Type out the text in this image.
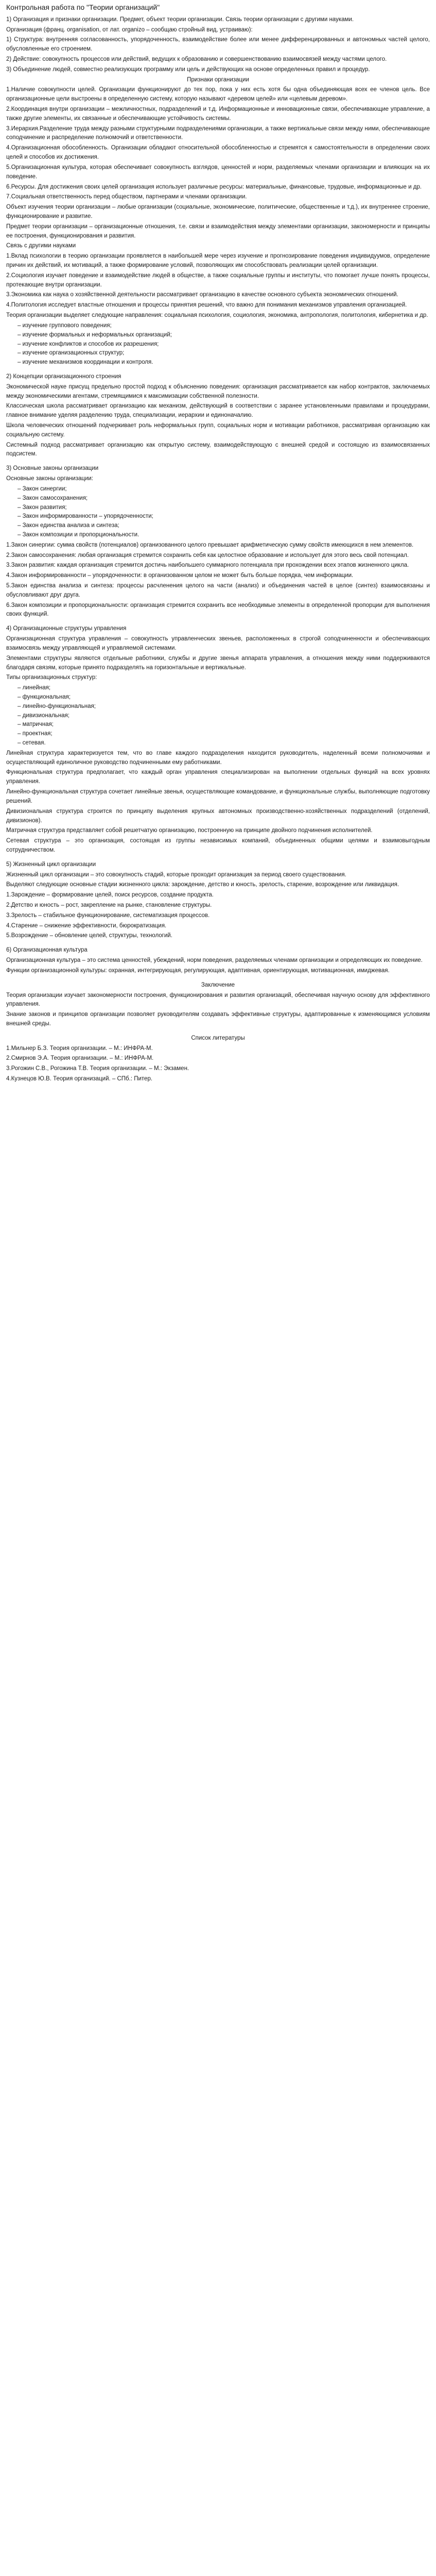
Контрольная работа по "Теории организаций"

1) Организация и признаки организации. Предмет, объект теории организации. Связь теории организации с другими науками.

Организация (франц. organisation, от лат. organizo – сообщаю стройный вид, устраиваю):

1) Структура: внутренняя согласованность, упорядоченность, взаимодействие более или менее дифференцированных и автономных частей целого, обусловленные его строением.

2) Действие: совокупность процессов или действий, ведущих к образованию и совершенствованию взаимосвязей между частями целого.

3) Объединение людей, совместно реализующих программу или цель и действующих на основе определенных правил и процедур.

Признаки организации

1.Наличие совокупности целей. Организации функционируют до тех пор, пока у них есть хотя бы одна объединяющая всех ее членов цель. Все организационные цели выстроены в определенную систему, которую называют «деревом целей» или «целевым деревом».

2.Координация внутри организации – межличностных, подразделений и т.д. Информационные и инновационные связи, обеспечивающие управление, а также другие элементы, их связанные и обеспечивающие устойчивость системы.

3.Иерархия.Разделение труда между разными структурными подразделениями организации, а также вертикальные связи между ними, обеспечивающие соподчинение и распределение полномочий и ответственности.

4.Организационная обособленность. Организации обладают относительной обособленностью и стремятся к самостоятельности в определении своих целей и способов их достижения.

5.Организационная культура, которая обеспечивает совокупность взглядов, ценностей и норм, разделяемых членами организации и влияющих на их поведение.

6.Ресурсы. Для достижения своих целей организация использует различные ресурсы: материальные, финансовые, трудовые, информационные и др.

7.Социальная ответственность перед обществом, партнерами и членами организации.

Объект изучения теории организации – любые организации (социальные, экономические, политические, общественные и т.д.), их внутреннее строение, функционирование и развитие.

Предмет теории организации – организационные отношения, т.е. связи и взаимодействия между элементами организации, закономерности и принципы ее построения, функционирования и развития.

Связь с другими науками

1.Вклад психологии в теорию организации проявляется в наибольшей мере через изучение и прогнозирование поведения индивидуумов, определение причин их действий, их мотиваций, а также формирование условий, позволяющих им способствовать реализации целей организации.

2.Социология изучает поведение и взаимодействие людей в обществе, а также социальные группы и институты, что помогает лучше понять процессы, протекающие внутри организации.

3.Экономика как наука о хозяйственной деятельности рассматривает организацию в качестве основного субъекта экономических отношений.

4.Политология исследует властные отношения и процессы принятия решений, что важно для понимания механизмов управления организацией.

Теория организации выделяет следующие направления: социальная психология, социология, экономика, антропология, политология, кибернетика и др.

– изучение группового поведения;
– изучение формальных и неформальных организаций;
– изучение конфликтов и способов их разрешения;
– изучение организационных структур;
– изучение механизмов координации и контроля.

2) Концепции организационного строения

Экономической науке присущ предельно простой подход к объяснению поведения: организация рассматривается как набор контрактов, заключаемых между экономическими агентами, стремящимися к максимизации собственной полезности.

Классическая школа рассматривает организацию как механизм, действующий в соответствии с заранее установленными правилами и процедурами, главное внимание уделяя разделению труда, специализации, иерархии и единоначалию.

Школа человеческих отношений подчеркивает роль неформальных групп, социальных норм и мотивации работников, рассматривая организацию как социальную систему.

Системный подход рассматривает организацию как открытую систему, взаимодействующую с внешней средой и состоящую из взаимосвязанных подсистем.

3) Основные законы организации

Основные законы организации:

– Закон синергии;
– Закон самосохранения;
– Закон развития;
– Закон информированности – упорядоченности;
– Закон единства анализа и синтеза;
– Закон композиции и пропорциональности.

1.Закон синергии: сумма свойств (потенциалов) организованного целого превышает арифметическую сумму свойств имеющихся в нем элементов.

2.Закон самосохранения: любая организация стремится сохранить себя как целостное образование и использует для этого весь свой потенциал.

3.Закон развития: каждая организация стремится достичь наибольшего суммарного потенциала при прохождении всех этапов жизненного цикла.

4.Закон информированности – упорядоченности: в организованном целом не может быть больше порядка, чем информации.

5.Закон единства анализа и синтеза: процессы расчленения целого на части (анализ) и объединения частей в целое (синтез) взаимосвязаны и обусловливают друг друга.

6.Закон композиции и пропорциональности: организация стремится сохранить все необходимые элементы в определенной пропорции для выполнения своих функций.

4) Организационные структуры управления

Организационная структура управления – совокупность управленческих звеньев, расположенных в строгой соподчиненности и обеспечивающих взаимосвязь между управляющей и управляемой системами.

Элементами структуры являются отдельные работники, службы и другие звенья аппарата управления, а отношения между ними поддерживаются благодаря связям, которые принято подразделять на горизонтальные и вертикальные.

Типы организационных структур:

– линейная;
– функциональная;
– линейно-функциональная;
– дивизиональная;
– матричная;
– проектная;
– сетевая.

Линейная структура характеризуется тем, что во главе каждого подразделения находится руководитель, наделенный всеми полномочиями и осуществляющий единоличное руководство подчиненными ему работниками.

Функциональная структура предполагает, что каждый орган управления специализирован на выполнении отдельных функций на всех уровнях управления.

Линейно-функциональная структура сочетает линейные звенья, осуществляющие командование, и функциональные службы, выполняющие подготовку решений.

Дивизиональная структура строится по принципу выделения крупных автономных производственно-хозяйственных подразделений (отделений, дивизионов).

Матричная структура представляет собой решетчатую организацию, построенную на принципе двойного подчинения исполнителей.

Сетевая структура – это организация, состоящая из группы независимых компаний, объединенных общими целями и взаимовыгодным сотрудничеством.

5) Жизненный цикл организации

Жизненный цикл организации – это совокупность стадий, которые проходит организация за период своего существования.

Выделяют следующие основные стадии жизненного цикла: зарождение, детство и юность, зрелость, старение, возрождение или ликвидация.

1.Зарождение – формирование целей, поиск ресурсов, создание продукта.

2.Детство и юность – рост, закрепление на рынке, становление структуры.

3.Зрелость – стабильное функционирование, систематизация процессов.

4.Старение – снижение эффективности, бюрократизация.

5.Возрождение – обновление целей, структуры, технологий.

6) Организационная культура

Организационная культура – это система ценностей, убеждений, норм поведения, разделяемых членами организации и определяющих их поведение.

Функции организационной культуры: охранная, интегрирующая, регулирующая, адаптивная, ориентирующая, мотивационная, имиджевая.

Заключение

Теория организации изучает закономерности построения, функционирования и развития организаций, обеспечивая научную основу для эффективного управления.

Знание законов и принципов организации позволяет руководителям создавать эффективные структуры, адаптированные к изменяющимся условиям внешней среды.

Список литературы

1.Мильнер Б.З. Теория организации. – М.: ИНФРА-М.

2.Смирнов Э.А. Теория организации. – М.: ИНФРА-М.

3.Рогожин С.В., Рогожина Т.В. Теория организации. – М.: Экзамен.

4.Кузнецов Ю.В. Теория организаций. – СПб.: Питер.
